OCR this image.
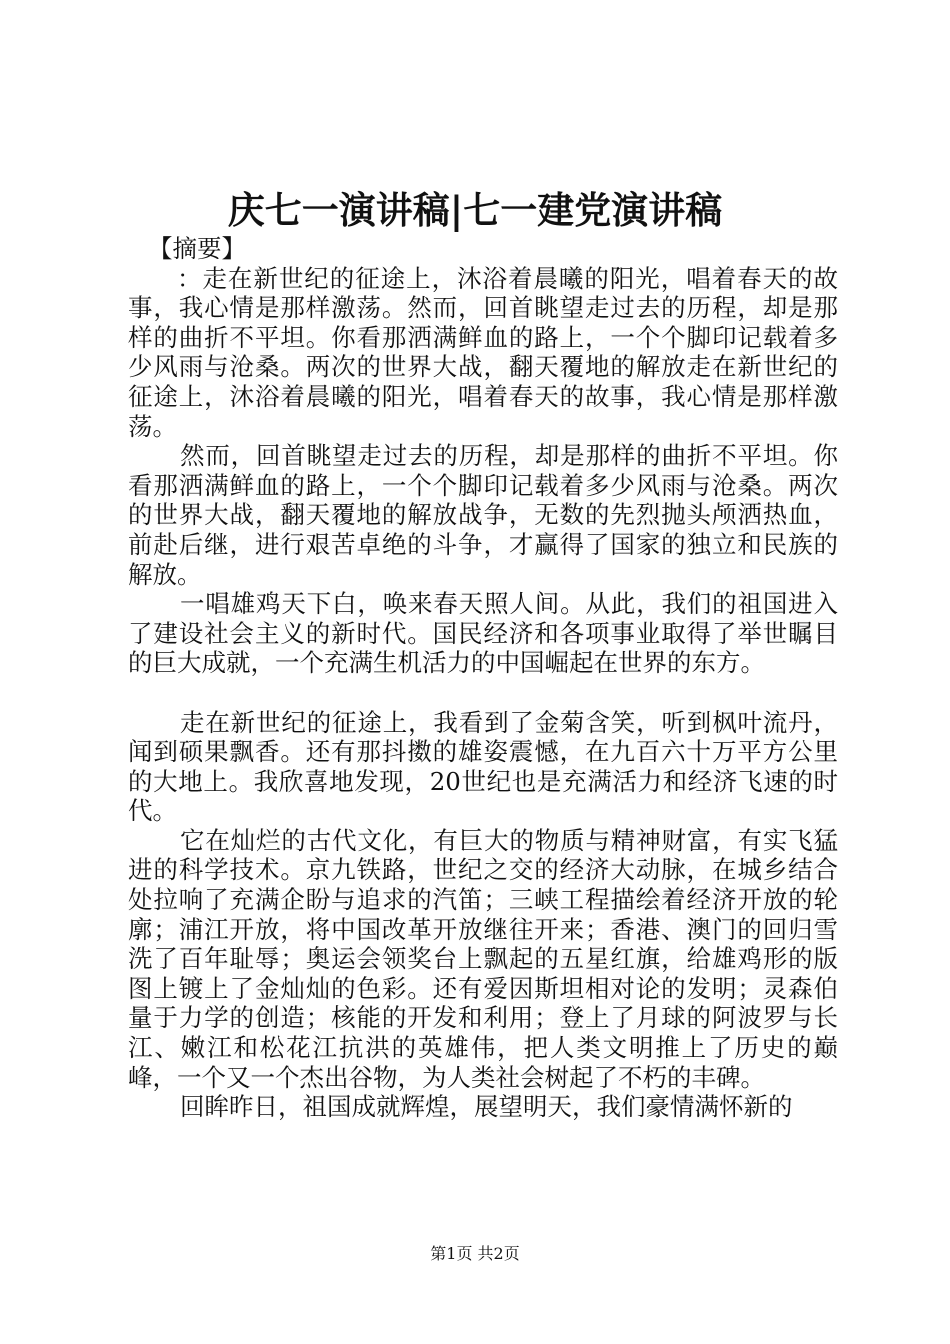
庆七一演讲稿|七一建党演讲稿

【摘要】

：走在新世纪的征途上，沐浴着晨曦的阳光，唱着春天的故事，我心情是那样激荡。然而，回首眺望走过去的历程，却是那样的曲折不平坦。你看那洒满鲜血的路上，一个个脚印记载着多少风雨与沧桑。两次的世界大战，翻天覆地的解放走在新世纪的征途上，沐浴着晨曦的阳光，唱着春天的故事，我心情是那样激荡。

然而，回首眺望走过去的历程，却是那样的曲折不平坦。你看那洒满鲜血的路上，一个个脚印记载着多少风雨与沧桑。两次的世界大战，翻天覆地的解放战争，无数的先烈抛头颅洒热血，前赴后继，进行艰苦卓绝的斗争，才赢得了国家的独立和民族的解放。

一唱雄鸡天下白，唤来春天照人间。从此，我们的祖国进入了建设社会主义的新时代。国民经济和各项事业取得了举世瞩目的巨大成就，一个充满生机活力的中国崛起在世界的东方。

走在新世纪的征途上，我看到了金菊含笑，听到枫叶流丹，闻到硕果飘香。还有那抖擞的雄姿震憾，在九百六十万平方公里的大地上。我欣喜地发现，20世纪也是充满活力和经济飞速的时代。

它在灿烂的古代文化，有巨大的物质与精神财富，有实飞猛进的科学技术。京九铁路，世纪之交的经济大动脉，在城乡结合处拉响了充满企盼与追求的汽笛；三峡工程描绘着经济开放的轮廓；浦江开放，将中国改革开放继往开来；香港、澳门的回归雪洗了百年耻辱；奥运会领奖台上飘起的五星红旗，给雄鸡形的版图上镀上了金灿灿的色彩。还有爱因斯坦相对论的发明；灵森伯量于力学的创造；核能的开发和利用；登上了月球的阿波罗与长江、嫩江和松花江抗洪的英雄伟，把人类文明推上了历史的巅峰，一个又一个杰出谷物，为人类社会树起了不朽的丰碑。

回眸昨日，祖国成就辉煌，展望明天，我们豪情满怀新的

第1页 共2页
